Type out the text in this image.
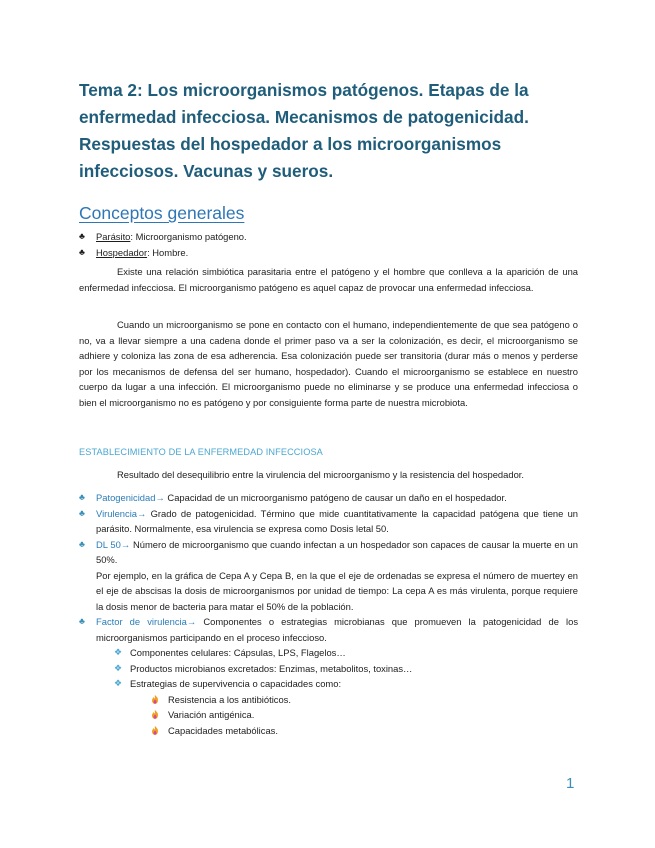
Tema 2: Los microorganismos patógenos. Etapas de la enfermedad infecciosa. Mecanismos de patogenicidad. Respuestas del hospedador a los microorganismos infecciosos. Vacunas y sueros.
Conceptos generales
♣ Parásito: Microorganismo patógeno.
♣ Hospedador: Hombre.
Existe una relación simbiótica parasitaria entre el patógeno y el hombre que conlleva a la aparición de una enfermedad infecciosa. El microorganismo patógeno es aquel capaz de provocar una enfermedad infecciosa.
Cuando un microorganismo se pone en contacto con el humano, independientemente de que sea patógeno o no, va a llevar siempre a una cadena donde el primer paso va a ser la colonización, es decir, el microorganismo se adhiere y coloniza las zona de esa adherencia. Esa colonización puede ser transitoria (durar más o menos y perderse por los mecanismos de defensa del ser humano, hospedador). Cuando el microorganismo se establece en nuestro cuerpo da lugar a una infección. El microorganismo puede no eliminarse y se produce una enfermedad infecciosa o bien el microorganismo no es patógeno y por consiguiente forma parte de nuestra microbiota.
ESTABLECIMIENTO DE LA ENFERMEDAD INFECCIOSA
Resultado del desequilibrio entre la virulencia del microorganismo y la resistencia del hospedador.
♣ Patogenicidad→ Capacidad de un microorganismo patógeno de causar un daño en el hospedador.
♣ Virulencia→ Grado de patogenicidad. Término que mide cuantitativamente la capacidad patógena que tiene un parásito. Normalmente, esa virulencia se expresa como Dosis letal 50.
♣ DL 50→ Número de microorganismo que cuando infectan a un hospedador son capaces de causar la muerte en un 50%.
Por ejemplo, en la gráfica de Cepa A y Cepa B, en la que el eje de ordenadas se expresa el número de muertey en el eje de abscisas la dosis de microorganismos por unidad de tiempo: La cepa A es más virulenta, porque requiere la dosis menor de bacteria para matar el 50% de la población.
♣ Factor de virulencia→ Componentes o estrategias microbianas que promueven la patogenicidad de los microorganismos participando en el proceso infeccioso.
❖ Componentes celulares: Cápsulas, LPS, Flagelos…
❖ Productos microbianos excretados: Enzimas, metabolitos, toxinas…
❖ Estrategias de supervivencia o capacidades como:
Resistencia a los antibióticos.
Variación antigénica.
Capacidades metabólicas.
1
